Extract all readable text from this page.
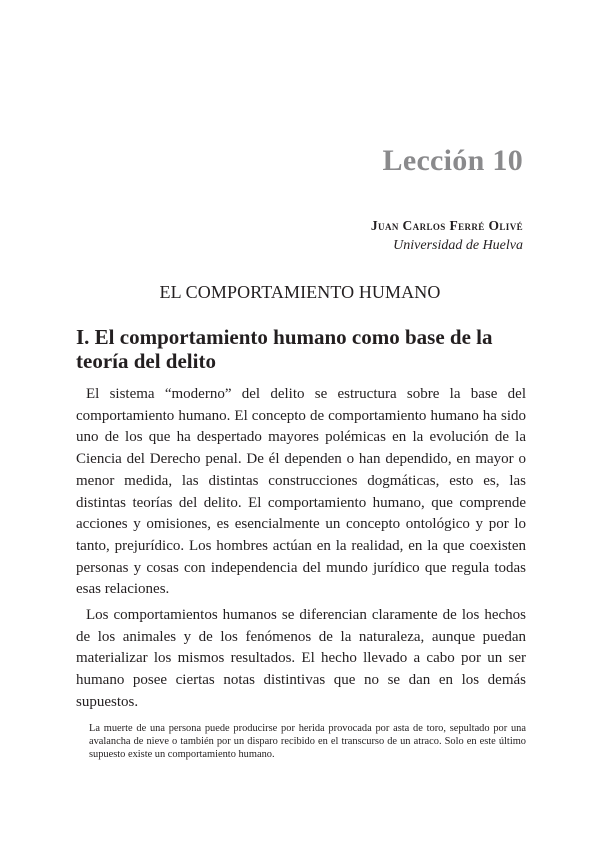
Lección 10
Juan Carlos Ferré Olivé
Universidad de Huelva
EL COMPORTAMIENTO HUMANO
I. El comportamiento humano como base de la teoría del delito

El sistema “moderno” del delito se estructura sobre la base del comportamiento humano. El concepto de comportamiento humano ha sido uno de los que ha despertado mayores polémicas en la evolución de la Ciencia del Derecho penal. De él dependen o han dependido, en mayor o menor medida, las distintas construcciones dogmáticas, esto es, las distintas teorías del delito. El comportamiento humano, que comprende acciones y omisiones, es esencialmente un concepto ontológico y por lo tanto, prejurídico. Los hombres actúan en la realidad, en la que coexisten personas y cosas con independencia del mundo jurídico que regula todas esas relaciones.

Los comportamientos humanos se diferencian claramente de los hechos de los animales y de los fenómenos de la naturaleza, aunque puedan materializar los mismos resultados. El hecho llevado a cabo por un ser humano posee ciertas notas distintivas que no se dan en los demás supuestos.

La muerte de una persona puede producirse por herida provocada por asta de toro, sepultado por una avalancha de nieve o también por un disparo recibido en el transcurso de un atraco. Solo en este último supuesto existe un comportamiento humano.
